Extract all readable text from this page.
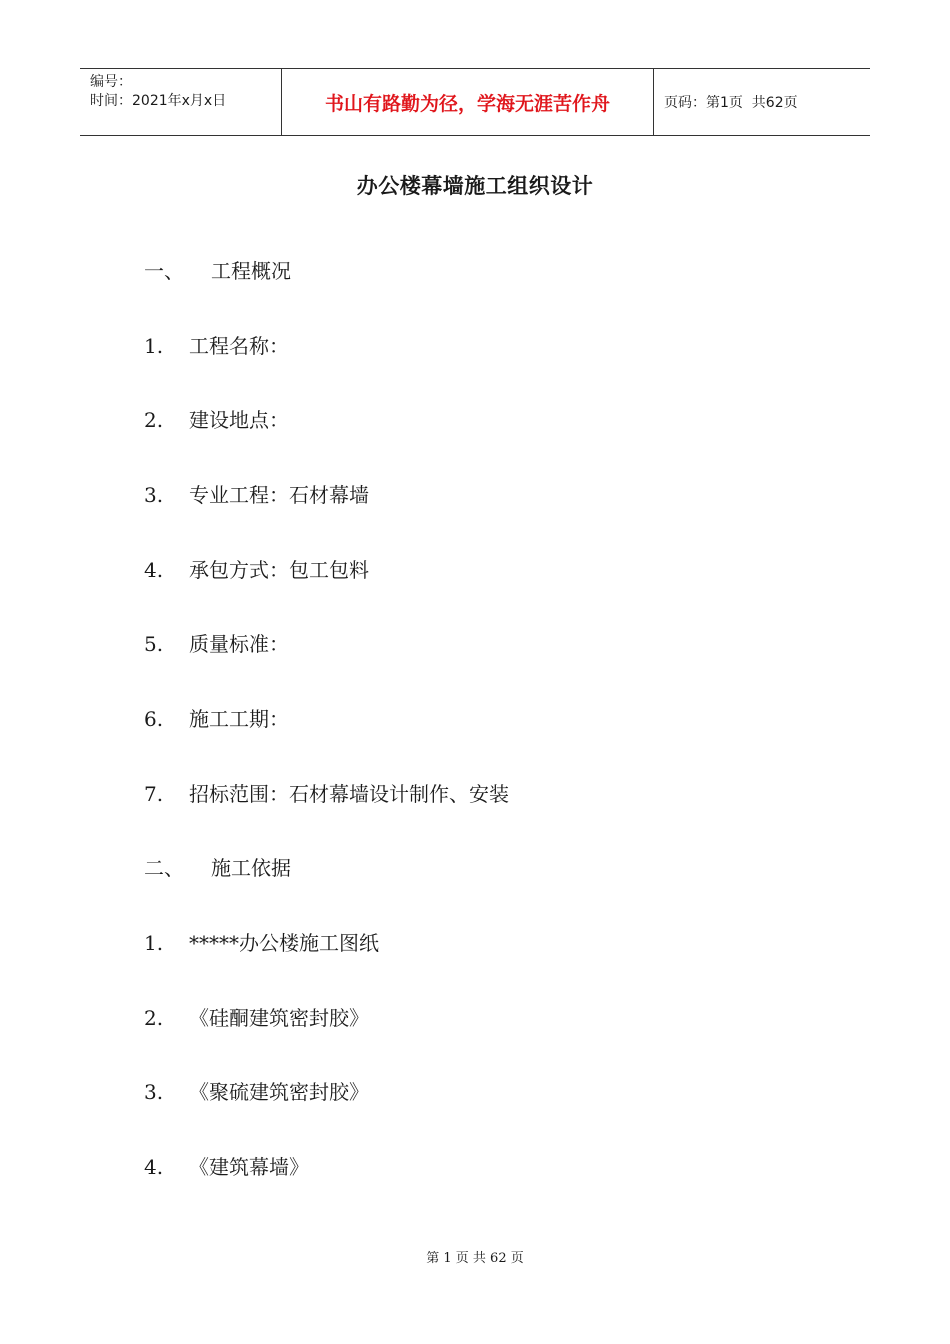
编号：
时间：2021年x月x日	书山有路勤为径，学海无涯苦作舟	页码：第1页  共62页
办公楼幕墙施工组织设计
一、 工程概况
1. 工程名称：
2. 建设地点：
3. 专业工程：石材幕墙
4. 承包方式：包工包料
5. 质量标准：
6. 施工工期：
7. 招标范围：石材幕墙设计制作、安装
二、 施工依据
1. *****办公楼施工图纸
2. 《硅酮建筑密封胶》
3. 《聚硫建筑密封胶》
4. 《建筑幕墙》
第 1 页 共 62 页
